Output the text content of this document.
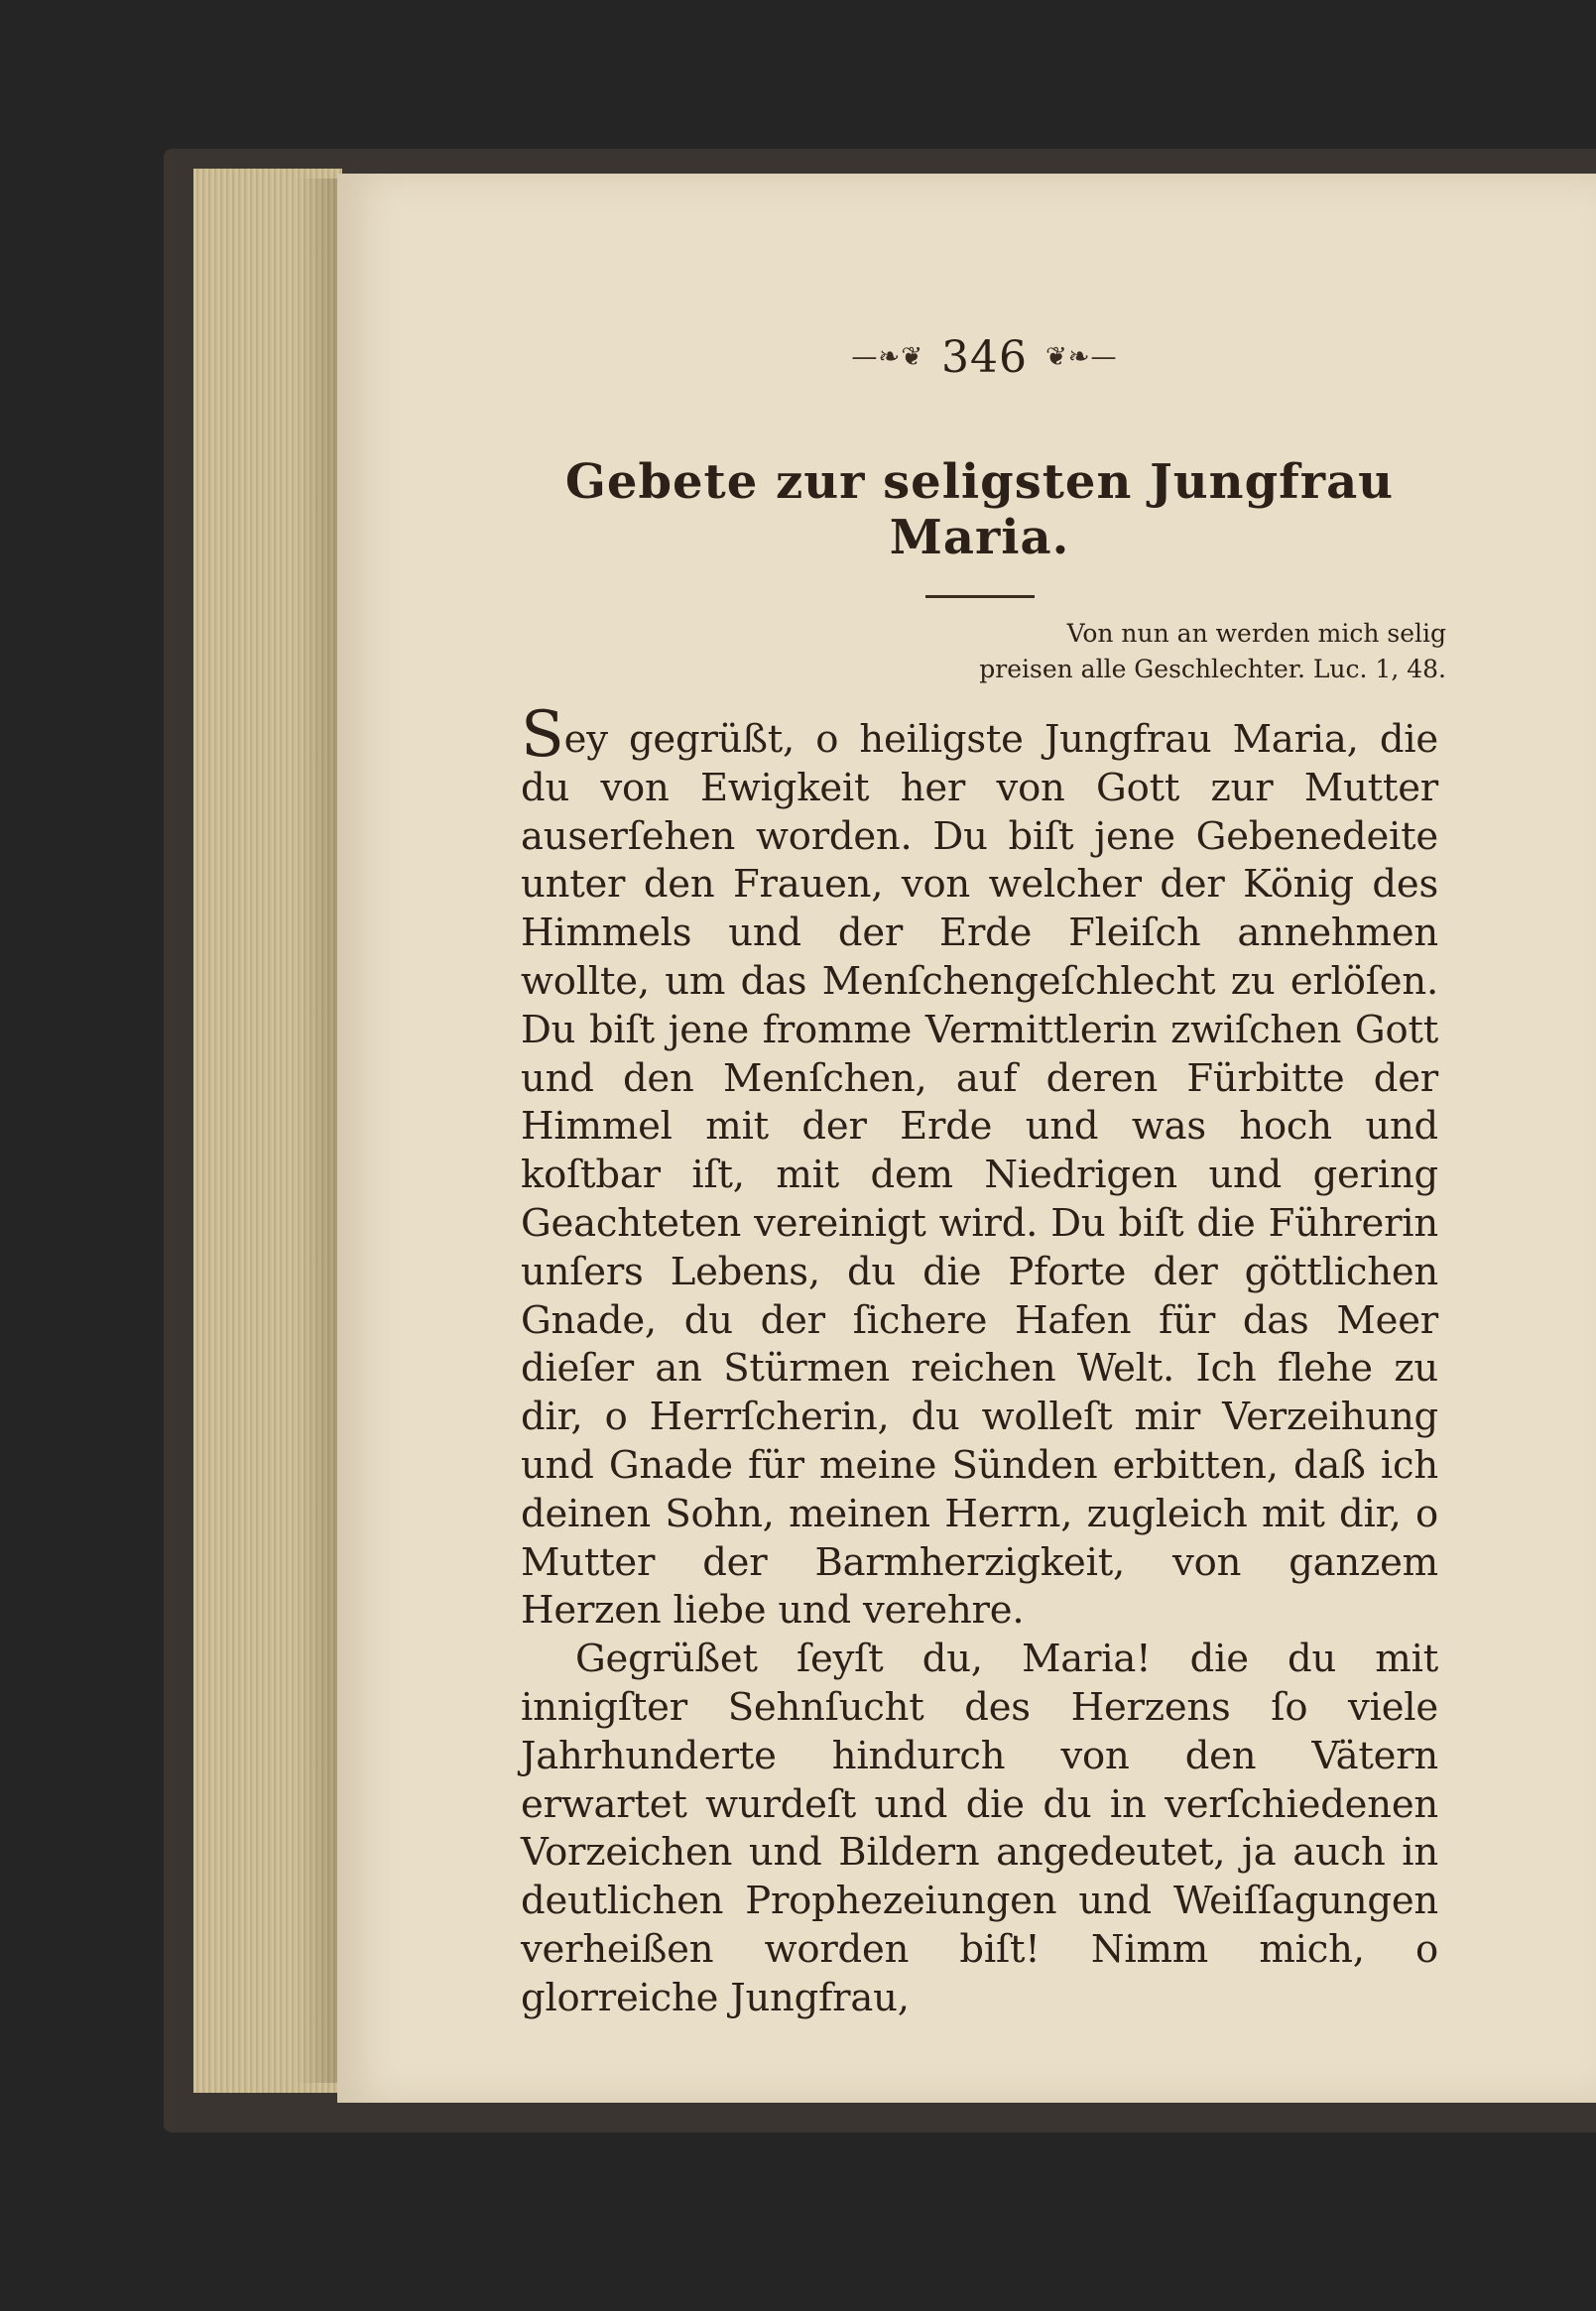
—❧❦ 346 ❦❧—
Gebete zur seligsten Jungfrau Maria.
Von nun an werden mich selig
preisen alle Geschlechter. Luc. 1, 48.

Sey gegrüßt, o heiligste Jungfrau Maria, die du von Ewigkeit her von Gott zur Mutter auserſehen worden. Du biſt jene Gebenedeite unter den Frauen, von welcher der König des Himmels und der Erde Fleiſch annehmen wollte, um das Menſchengeſchlecht zu erlöſen. Du biſt jene fromme Vermittlerin zwiſchen Gott und den Menſchen, auf deren Fürbitte der Himmel mit der Erde und was hoch und koſtbar iſt, mit dem Niedrigen und gering Geachteten vereinigt wird. Du biſt die Führerin unſers Lebens, du die Pforte der göttlichen Gnade, du der ſichere Hafen für das Meer dieſer an Stürmen reichen Welt. Ich flehe zu dir, o Herrſcherin, du wolleſt mir Verzeihung und Gnade für meine Sünden erbitten, daß ich deinen Sohn, meinen Herrn, zugleich mit dir, o Mutter der Barmherzigkeit, von ganzem Herzen liebe und verehre.

Gegrüßet ſeyſt du, Maria! die du mit innigſter Sehnſucht des Herzens ſo viele Jahrhunderte hindurch von den Vätern erwartet wurdeſt und die du in verſchiedenen Vorzeichen und Bildern angedeutet, ja auch in deutlichen Prophezeiungen und Weiſſagungen verheißen worden biſt! Nimm mich, o glorreiche Jungfrau,
